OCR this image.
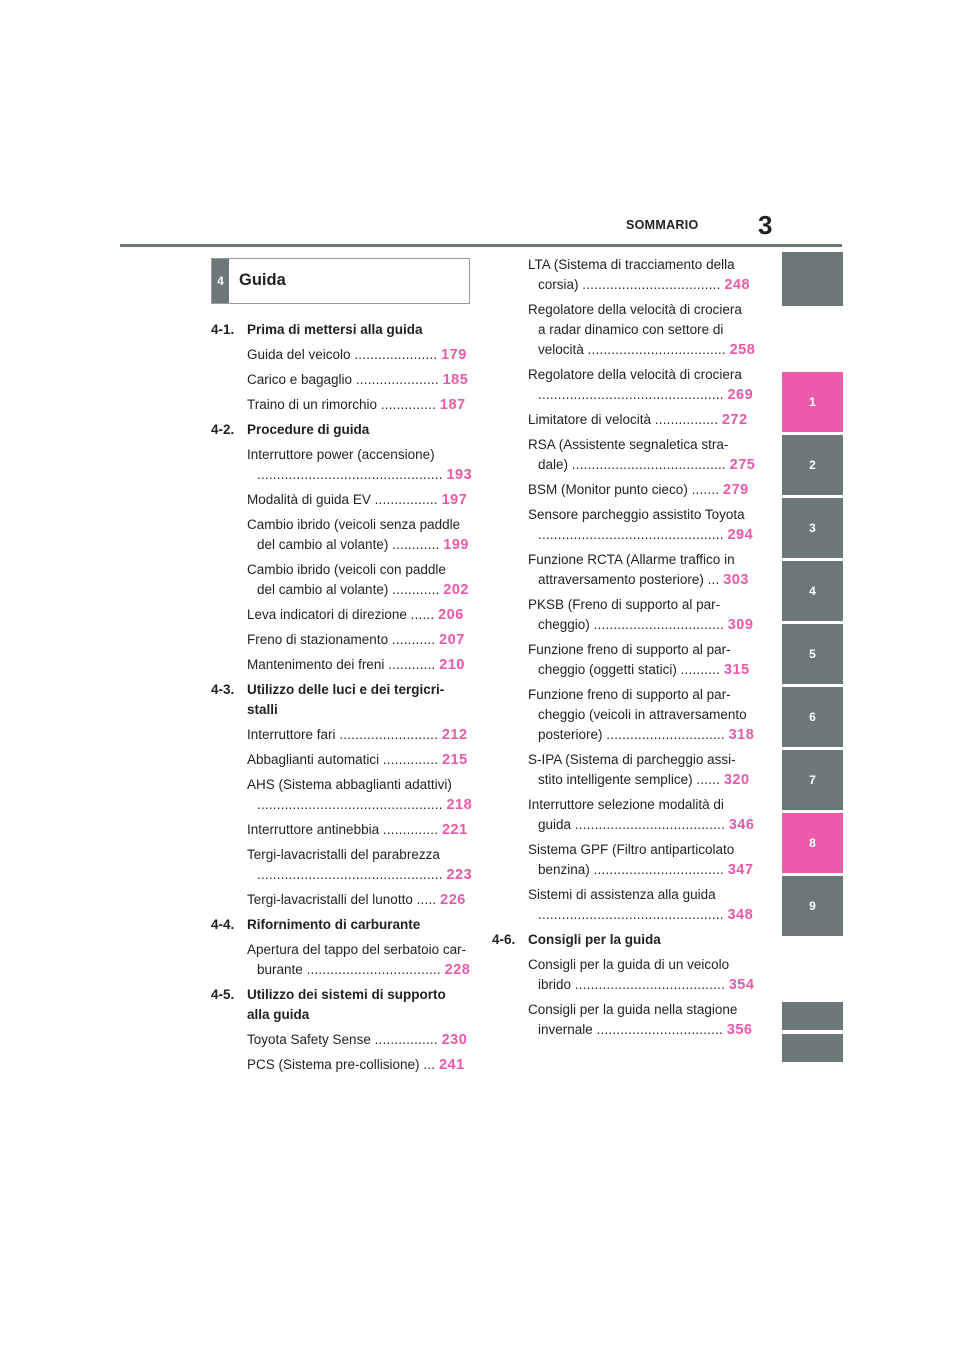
SOMMARIO 3
1
2
3
4
5
6
7
8
9
4 Guida
4-1. Prima di mettersi alla guida
Guida del veicolo ..................... 179
Carico e bagaglio ..................... 185
Traino di un rimorchio .............. 187
4-2. Procedure di guida
Interruttore power (accensione)
............................................... 193
Modalità di guida EV ................ 197
Cambio ibrido (veicoli senza paddle
del cambio al volante) ............ 199
Cambio ibrido (veicoli con paddle
del cambio al volante) ............ 202
Leva indicatori di direzione ...... 206
Freno di stazionamento ........... 207
Mantenimento dei freni ............ 210
4-3. Utilizzo delle luci e dei tergicri-
stalli
Interruttore fari ......................... 212
Abbaglianti automatici .............. 215
AHS (Sistema abbaglianti adattivi)
............................................... 218
Interruttore antinebbia .............. 221
Tergi-lavacristalli del parabrezza
............................................... 223
Tergi-lavacristalli del lunotto ..... 226
4-4. Rifornimento di carburante
Apertura del tappo del serbatoio car-
burante .................................. 228
4-5. Utilizzo dei sistemi di supporto
alla guida
Toyota Safety Sense ................ 230
PCS (Sistema pre-collisione) ... 241
LTA (Sistema di tracciamento della
corsia) ................................... 248
Regolatore della velocità di crociera
a radar dinamico con settore di
velocità ................................... 258
Regolatore della velocità di crociera
............................................... 269
Limitatore di velocità ................ 272
RSA (Assistente segnaletica stra-
dale) ....................................... 275
BSM (Monitor punto cieco) ....... 279
Sensore parcheggio assistito Toyota
............................................... 294
Funzione RCTA (Allarme traffico in
attraversamento posteriore) ... 303
PKSB (Freno di supporto al par-
cheggio) ................................. 309
Funzione freno di supporto al par-
cheggio (oggetti statici) .......... 315
Funzione freno di supporto al par-
cheggio (veicoli in attraversamento
posteriore) .............................. 318
S-IPA (Sistema di parcheggio assi-
stito intelligente semplice) ...... 320
Interruttore selezione modalità di
guida ...................................... 346
Sistema GPF (Filtro antiparticolato
benzina) ................................. 347
Sistemi di assistenza alla guida
............................................... 348
4-6. Consigli per la guida
Consigli per la guida di un veicolo
ibrido ...................................... 354
Consigli per la guida nella stagione
invernale ................................ 356
